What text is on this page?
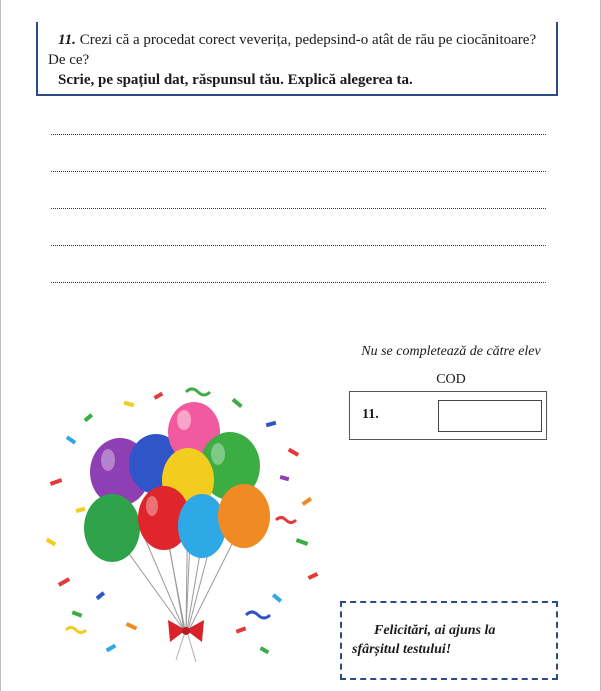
11. Crezi că a procedat corect veverița, pedepsind-o atât de rău pe ciocănitoare?
De ce?
Scrie, pe spațiul dat, răspunsul tău. Explică alegerea ta.
Nu se completează de către elev
COD
11.
Felicitări, ai ajuns la sfârșitul testului!
